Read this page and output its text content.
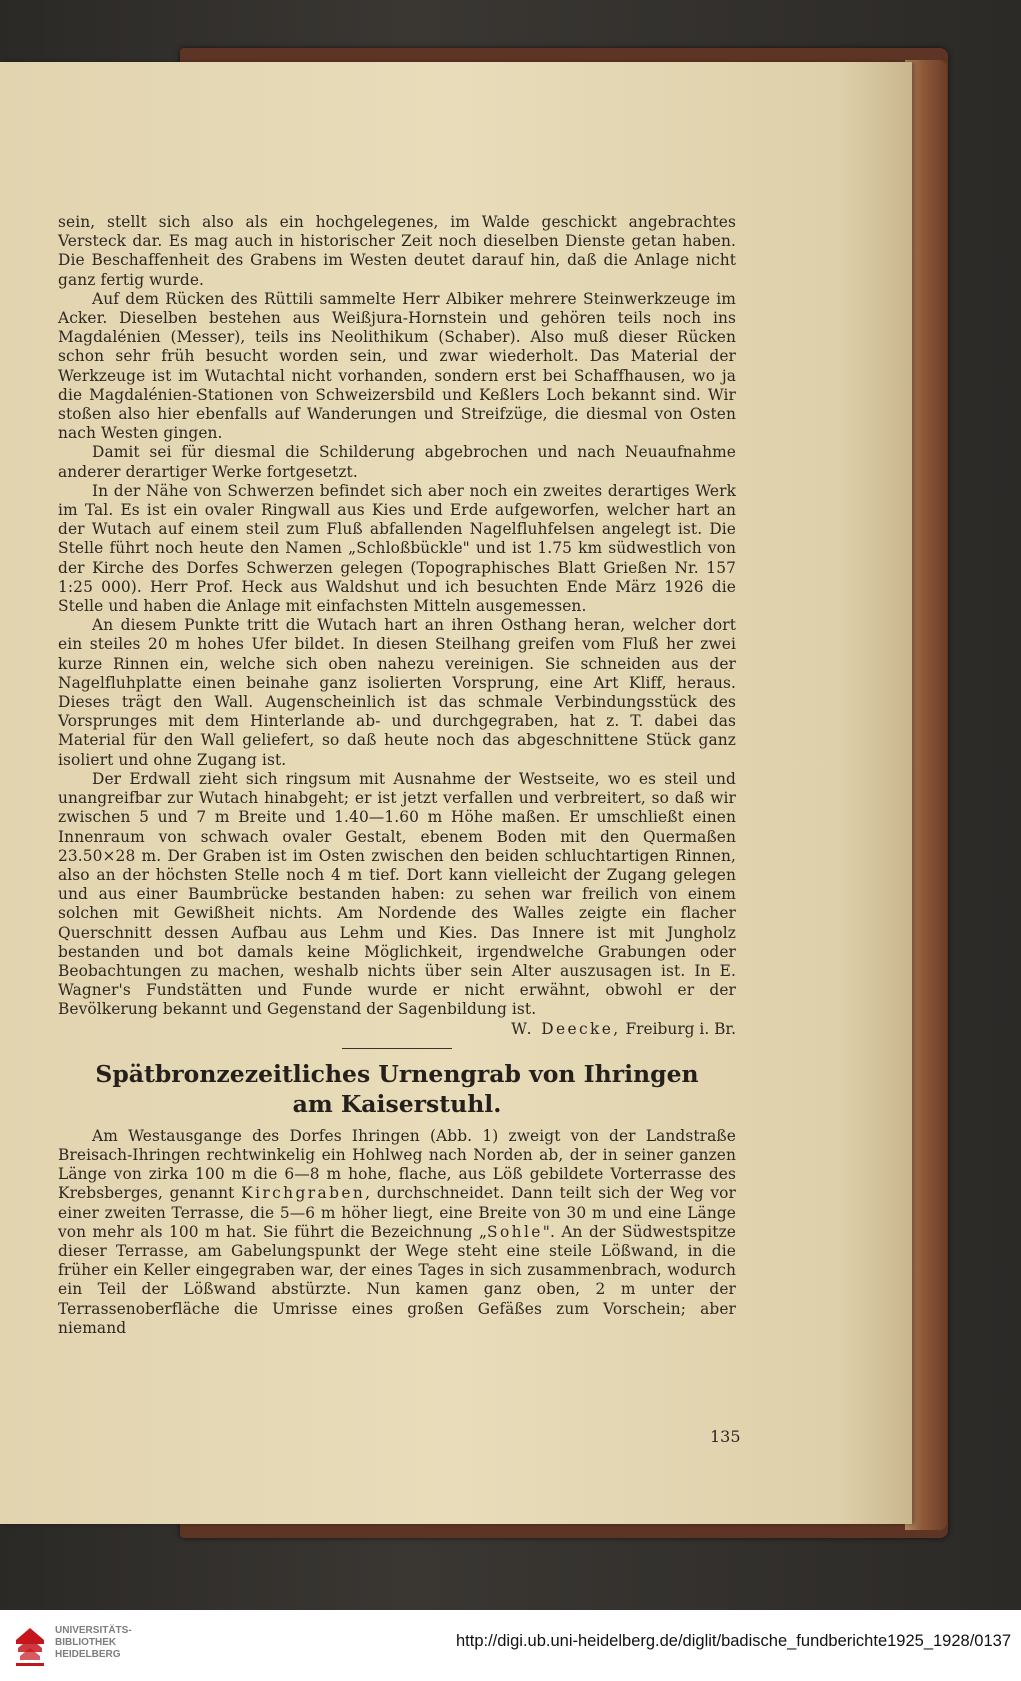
sein, stellt sich also als ein hochgelegenes, im Walde geschickt angebrachtes Versteck dar. Es mag auch in historischer Zeit noch dieselben Dienste getan haben. Die Beschaffenheit des Grabens im Westen deutet darauf hin, daß die Anlage nicht ganz fertig wurde.

Auf dem Rücken des Rüttili sammelte Herr Albiker mehrere Steinwerkzeuge im Acker. Dieselben bestehen aus Weißjura-Hornstein und gehören teils noch ins Magdalénien (Messer), teils ins Neolithikum (Schaber). Also muß dieser Rücken schon sehr früh besucht worden sein, und zwar wiederholt. Das Material der Werkzeuge ist im Wutachtal nicht vorhanden, sondern erst bei Schaffhausen, wo ja die Magdalénien-Stationen von Schweizersbild und Keßlers Loch bekannt sind. Wir stoßen also hier ebenfalls auf Wanderungen und Streifzüge, die diesmal von Osten nach Westen gingen.

Damit sei für diesmal die Schilderung abgebrochen und nach Neuaufnahme anderer derartiger Werke fortgesetzt.

In der Nähe von Schwerzen befindet sich aber noch ein zweites derartiges Werk im Tal. Es ist ein ovaler Ringwall aus Kies und Erde aufgeworfen, welcher hart an der Wutach auf einem steil zum Fluß abfallenden Nagelfluhfelsen angelegt ist. Die Stelle führt noch heute den Namen „Schloßbückle" und ist 1.75 km südwestlich von der Kirche des Dorfes Schwerzen gelegen (Topographisches Blatt Grießen Nr. 157 1:25 000). Herr Prof. Heck aus Waldshut und ich besuchten Ende März 1926 die Stelle und haben die Anlage mit einfachsten Mitteln ausgemessen.

An diesem Punkte tritt die Wutach hart an ihren Osthang heran, welcher dort ein steiles 20 m hohes Ufer bildet. In diesen Steilhang greifen vom Fluß her zwei kurze Rinnen ein, welche sich oben nahezu vereinigen. Sie schneiden aus der Nagelfluhplatte einen beinahe ganz isolierten Vorsprung, eine Art Kliff, heraus. Dieses trägt den Wall. Augenscheinlich ist das schmale Verbindungsstück des Vorsprunges mit dem Hinterlande ab- und durchgegraben, hat z. T. dabei das Material für den Wall geliefert, so daß heute noch das abgeschnittene Stück ganz isoliert und ohne Zugang ist.

Der Erdwall zieht sich ringsum mit Ausnahme der Westseite, wo es steil und unangreifbar zur Wutach hinabgeht; er ist jetzt verfallen und verbreitert, so daß wir zwischen 5 und 7 m Breite und 1.40—1.60 m Höhe maßen. Er umschließt einen Innenraum von schwach ovaler Gestalt, ebenem Boden mit den Quermaßen 23.50×28 m. Der Graben ist im Osten zwischen den beiden schluchtartigen Rinnen, also an der höchsten Stelle noch 4 m tief. Dort kann vielleicht der Zugang gelegen und aus einer Baumbrücke bestanden haben: zu sehen war freilich von einem solchen mit Gewißheit nichts. Am Nordende des Walles zeigte ein flacher Querschnitt dessen Aufbau aus Lehm und Kies. Das Innere ist mit Jungholz bestanden und bot damals keine Möglichkeit, irgendwelche Grabungen oder Beobachtungen zu machen, weshalb nichts über sein Alter auszusagen ist. In E. Wagner's Fundstätten und Funde wurde er nicht erwähnt, obwohl er der Bevölkerung bekannt und Gegenstand der Sagenbildung ist.

W. Deecke, Freiburg i. Br.
Spätbronzezeitliches Urnengrab von Ihringen
am Kaiserstuhl.

Am Westausgange des Dorfes Ihringen (Abb. 1) zweigt von der Landstraße Breisach-Ihringen rechtwinkelig ein Hohlweg nach Norden ab, der in seiner ganzen Länge von zirka 100 m die 6—8 m hohe, flache, aus Löß gebildete Vorterrasse des Krebsberges, genannt Kirchgraben, durchschneidet. Dann teilt sich der Weg vor einer zweiten Terrasse, die 5—6 m höher liegt, eine Breite von 30 m und eine Länge von mehr als 100 m hat. Sie führt die Bezeichnung „Sohle". An der Südwestspitze dieser Terrasse, am Gabelungspunkt der Wege steht eine steile Lößwand, in die früher ein Keller eingegraben war, der eines Tages in sich zusammenbrach, wodurch ein Teil der Lößwand abstürzte. Nun kamen ganz oben, 2 m unter der Terrassenoberfläche die Umrisse eines großen Gefäßes zum Vorschein; aber niemand

135
UNIVERSITÄTS-
BIBLIOTHEK
HEIDELBERG
http://digi.ub.uni-heidelberg.de/diglit/badische_fundberichte1925_1928/0137
